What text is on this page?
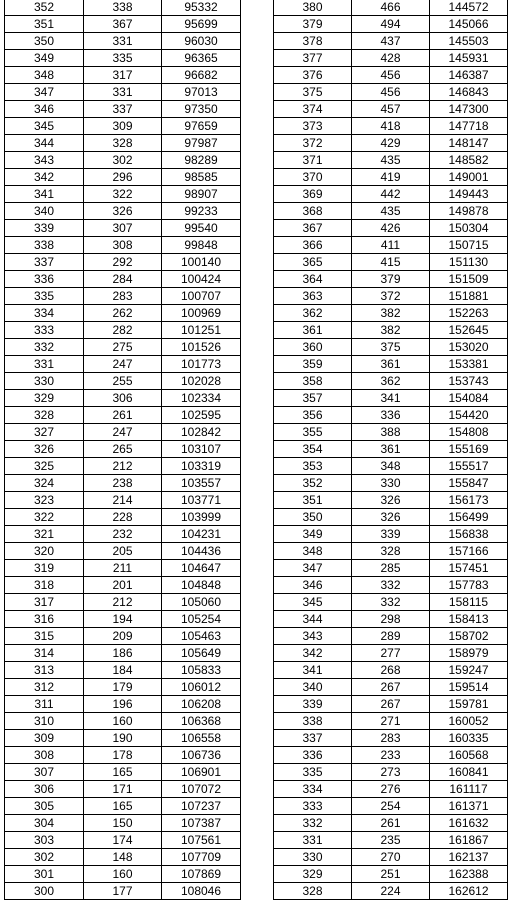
352	338	95332
351	367	95699
350	331	96030
349	335	96365
348	317	96682
347	331	97013
346	337	97350
345	309	97659
344	328	97987
343	302	98289
342	296	98585
341	322	98907
340	326	99233
339	307	99540
338	308	99848
337	292	100140
336	284	100424
335	283	100707
334	262	100969
333	282	101251
332	275	101526
331	247	101773
330	255	102028
329	306	102334
328	261	102595
327	247	102842
326	265	103107
325	212	103319
324	238	103557
323	214	103771
322	228	103999
321	232	104231
320	205	104436
319	211	104647
318	201	104848
317	212	105060
316	194	105254
315	209	105463
314	186	105649
313	184	105833
312	179	106012
311	196	106208
310	160	106368
309	190	106558
308	178	106736
307	165	106901
306	171	107072
305	165	107237
304	150	107387
303	174	107561
302	148	107709
301	160	107869
300	177	108046
380	466	144572
379	494	145066
378	437	145503
377	428	145931
376	456	146387
375	456	146843
374	457	147300
373	418	147718
372	429	148147
371	435	148582
370	419	149001
369	442	149443
368	435	149878
367	426	150304
366	411	150715
365	415	151130
364	379	151509
363	372	151881
362	382	152263
361	382	152645
360	375	153020
359	361	153381
358	362	153743
357	341	154084
356	336	154420
355	388	154808
354	361	155169
353	348	155517
352	330	155847
351	326	156173
350	326	156499
349	339	156838
348	328	157166
347	285	157451
346	332	157783
345	332	158115
344	298	158413
343	289	158702
342	277	158979
341	268	159247
340	267	159514
339	267	159781
338	271	160052
337	283	160335
336	233	160568
335	273	160841
334	276	161117
333	254	161371
332	261	161632
331	235	161867
330	270	162137
329	251	162388
328	224	162612
